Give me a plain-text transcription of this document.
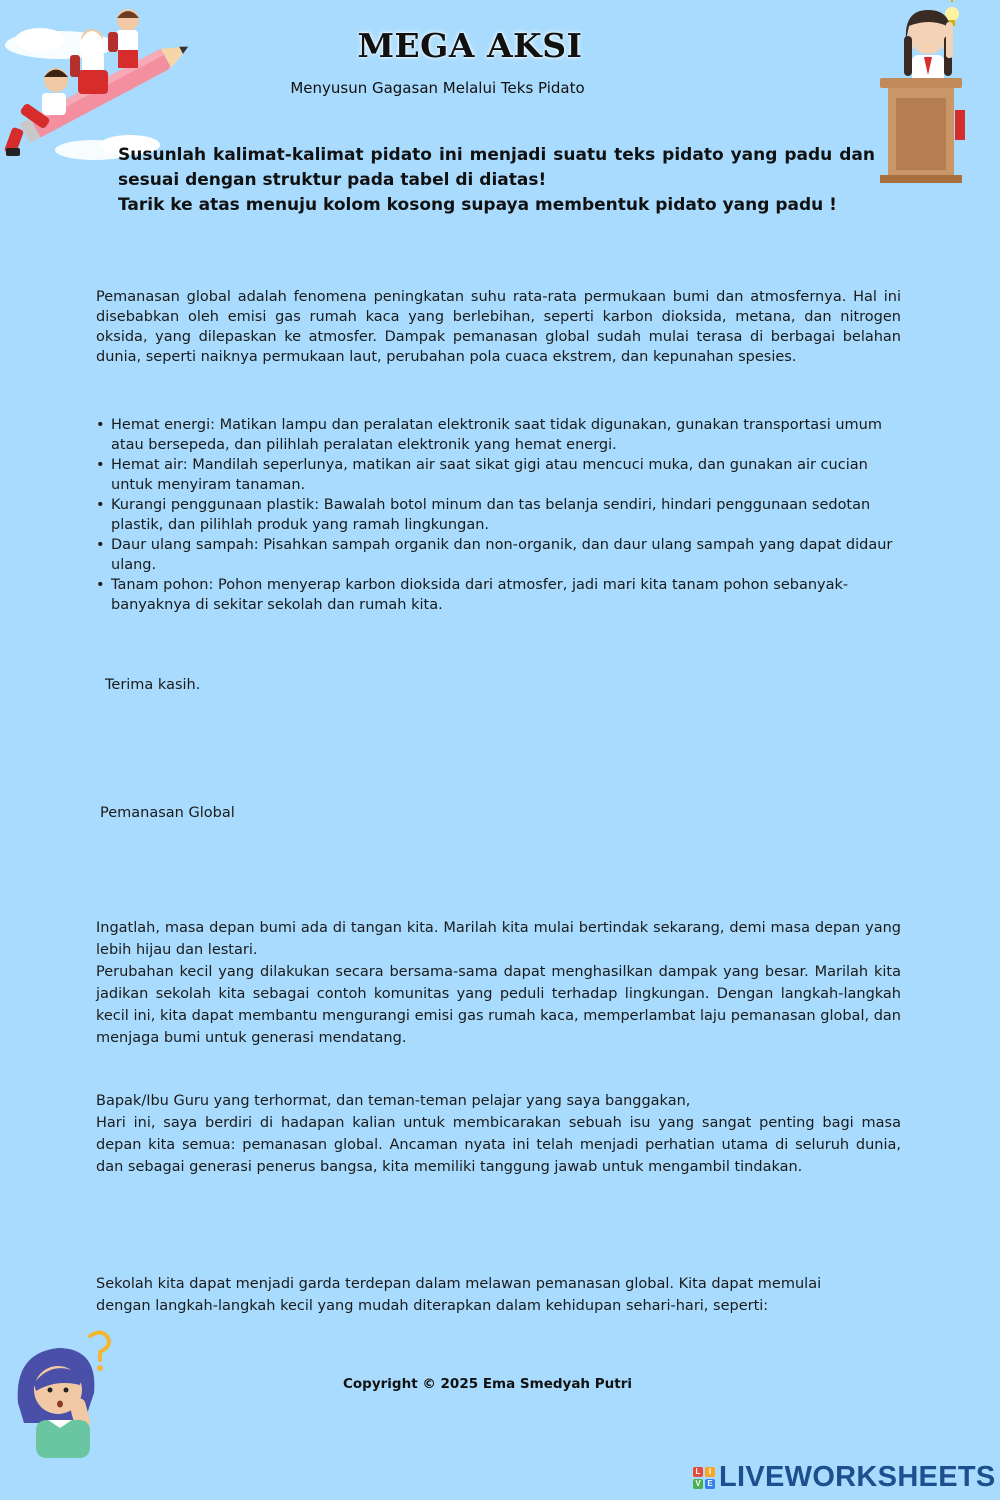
MEGA AKSI
Menyusun Gagasan Melalui Teks Pidato
Susunlah kalimat-kalimat pidato ini menjadi suatu teks pidato yang padu dan
sesuai dengan struktur pada tabel di diatas!
Tarik ke atas menuju kolom kosong supaya membentuk pidato yang padu !
Pemanasan global adalah fenomena peningkatan suhu rata-rata permukaan bumi dan atmosfernya. Hal ini disebabkan oleh emisi gas rumah kaca yang berlebihan, seperti karbon dioksida, metana, dan nitrogen oksida, yang dilepaskan ke atmosfer. Dampak pemanasan global sudah mulai terasa di berbagai belahan dunia, seperti naiknya permukaan laut, perubahan pola cuaca ekstrem, dan kepunahan spesies.
• Hemat energi: Matikan lampu dan peralatan elektronik saat tidak digunakan, gunakan transportasi umum atau bersepeda, dan pilihlah peralatan elektronik yang hemat energi.
• Hemat air: Mandilah seperlunya, matikan air saat sikat gigi atau mencuci muka, dan gunakan air cucian untuk menyiram tanaman.
• Kurangi penggunaan plastik: Bawalah botol minum dan tas belanja sendiri, hindari penggunaan sedotan plastik, dan pilihlah produk yang ramah lingkungan.
• Daur ulang sampah: Pisahkan sampah organik dan non-organik, dan daur ulang sampah yang dapat didaur ulang.
• Tanam pohon: Pohon menyerap karbon dioksida dari atmosfer, jadi mari kita tanam pohon sebanyak-banyaknya di sekitar sekolah dan rumah kita.
Terima kasih.
Pemanasan Global

Ingatlah, masa depan bumi ada di tangan kita. Marilah kita mulai bertindak sekarang, demi masa depan yang lebih hijau dan lestari.

Perubahan kecil yang dilakukan secara bersama-sama dapat menghasilkan dampak yang besar. Marilah kita jadikan sekolah kita sebagai contoh komunitas yang peduli terhadap lingkungan. Dengan langkah-langkah kecil ini, kita dapat membantu mengurangi emisi gas rumah kaca, memperlambat laju pemanasan global, dan menjaga bumi untuk generasi mendatang.

Bapak/Ibu Guru yang terhormat, dan teman-teman pelajar yang saya banggakan,

Hari ini, saya berdiri di hadapan kalian untuk membicarakan sebuah isu yang sangat penting bagi masa depan kita semua: pemanasan global. Ancaman nyata ini telah menjadi perhatian utama di seluruh dunia, dan sebagai generasi penerus bangsa, kita memiliki tanggung jawab untuk mengambil tindakan.

Sekolah kita dapat menjadi garda terdepan dalam melawan pemanasan global. Kita dapat memulai dengan langkah-langkah kecil yang mudah diterapkan dalam kehidupan sehari-hari, seperti:
Copyright © 2025 Ema Smedyah Putri
L	I
V E LIVEWORKSHEETS
